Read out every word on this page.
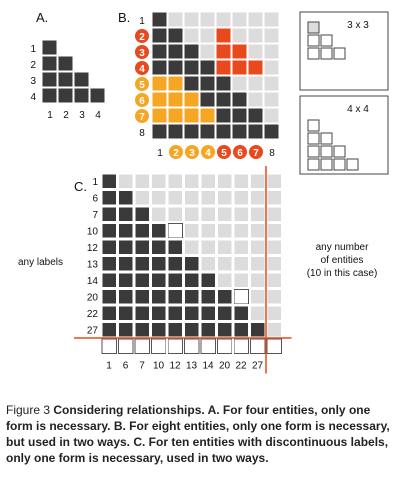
A.
1
1
2
2
3
3
4
4
B. 1
2
3
4
5
6
7
8
1 2 3 4 5 6 7 8
3 x 3
4 x 4
C. 1
1
6
6
7
7
10
10
12
12
13
13
14
14
20
20
22
22
27
27
any labels
any number
of entities
(10 in this case)
Figure 3 Considering relationships. A. For four entities, only one form is necessary. B. For eight entities, only one form is necessary, but used in two ways. C. For ten entities with discontinuous labels, only one form is necessary, used in two ways.
